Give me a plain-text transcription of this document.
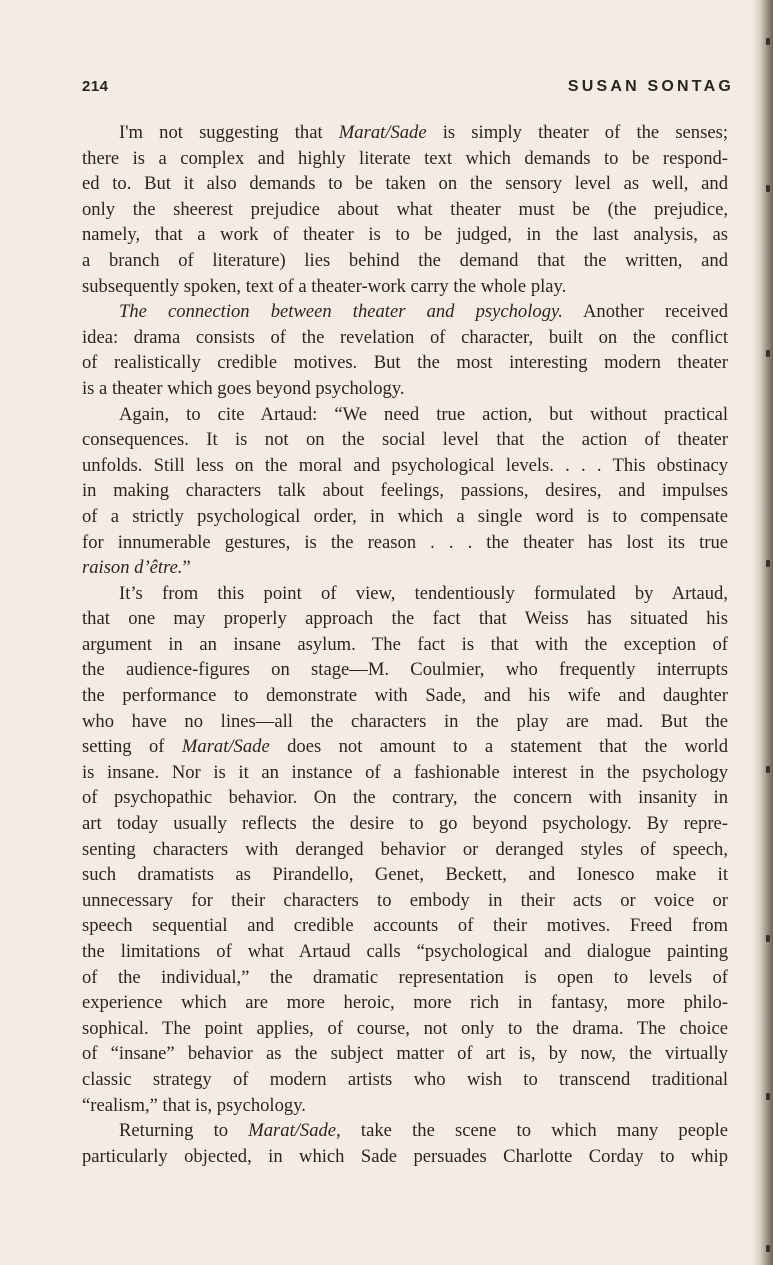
214	SUSAN SONTAG
I'm not suggesting that Marat/Sade is simply theater of the senses;
there is a complex and highly literate text which demands to be respond-
ed to. But it also demands to be taken on the sensory level as well, and
only the sheerest prejudice about what theater must be (the prejudice,
namely, that a work of theater is to be judged, in the last analysis, as
a branch of literature) lies behind the demand that the written, and
subsequently spoken, text of a theater-work carry the whole play.
The connection between theater and psychology. Another received
idea: drama consists of the revelation of character, built on the conflict
of realistically credible motives. But the most interesting modern theater
is a theater which goes beyond psychology.
Again, to cite Artaud: “We need true action, but without practical
consequences. It is not on the social level that the action of theater
unfolds. Still less on the moral and psychological levels. . . . This obstinacy
in making characters talk about feelings, passions, desires, and impulses
of a strictly psychological order, in which a single word is to compensate
for innumerable gestures, is the reason . . . the theater has lost its true
raison d’être.”
It’s from this point of view, tendentiously formulated by Artaud,
that one may properly approach the fact that Weiss has situated his
argument in an insane asylum. The fact is that with the exception of
the audience-figures on stage—M. Coulmier, who frequently interrupts
the performance to demonstrate with Sade, and his wife and daughter
who have no lines—all the characters in the play are mad. But the
setting of Marat/Sade does not amount to a statement that the world
is insane. Nor is it an instance of a fashionable interest in the psychology
of psychopathic behavior. On the contrary, the concern with insanity in
art today usually reflects the desire to go beyond psychology. By repre-
senting characters with deranged behavior or deranged styles of speech,
such dramatists as Pirandello, Genet, Beckett, and Ionesco make it
unnecessary for their characters to embody in their acts or voice or
speech sequential and credible accounts of their motives. Freed from
the limitations of what Artaud calls “psychological and dialogue painting
of the individual,” the dramatic representation is open to levels of
experience which are more heroic, more rich in fantasy, more philo-
sophical. The point applies, of course, not only to the drama. The choice
of “insane” behavior as the subject matter of art is, by now, the virtually
classic strategy of modern artists who wish to transcend traditional
“realism,” that is, psychology.
Returning to Marat/Sade, take the scene to which many people
particularly objected, in which Sade persuades Charlotte Corday to whip
